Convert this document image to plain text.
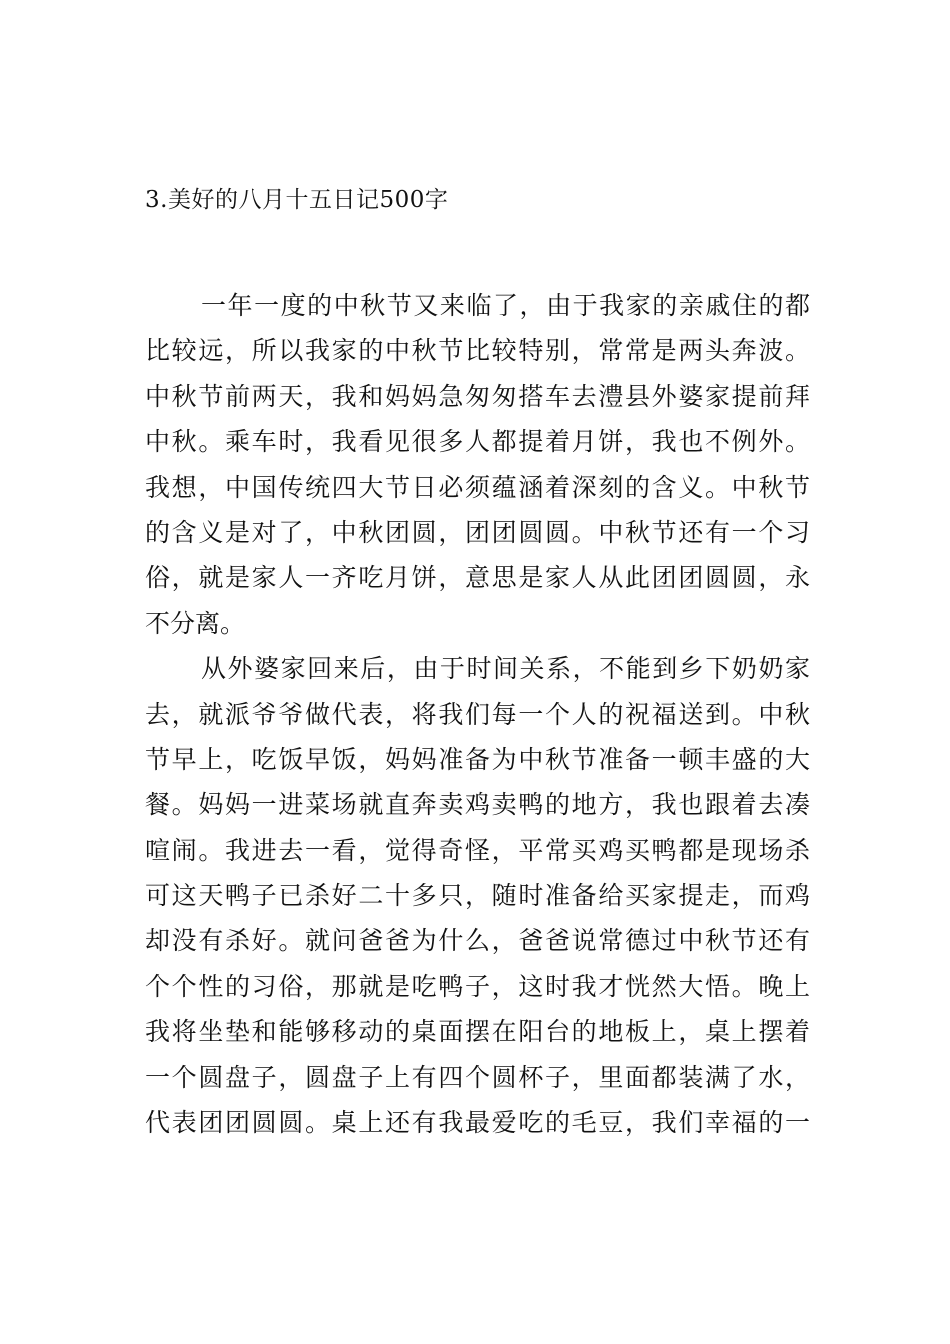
3.美好的八月十五日记500字
一年一度的中秋节又来临了，由于我家的亲戚住的都
比较远，所以我家的中秋节比较特别，常常是两头奔波。
中秋节前两天，我和妈妈急匆匆搭车去澧县外婆家提前拜
中秋。乘车时，我看见很多人都提着月饼，我也不例外。
我想，中国传统四大节日必须蕴涵着深刻的含义。中秋节
的含义是对了，中秋团圆，团团圆圆。中秋节还有一个习
俗，就是家人一齐吃月饼，意思是家人从此团团圆圆，永
不分离。
从外婆家回来后，由于时间关系，不能到乡下奶奶家
去，就派爷爷做代表，将我们每一个人的祝福送到。中秋
节早上，吃饭早饭，妈妈准备为中秋节准备一顿丰盛的大
餐。妈妈一进菜场就直奔卖鸡卖鸭的地方，我也跟着去凑
喧闹。我进去一看，觉得奇怪，平常买鸡买鸭都是现场杀
可这天鸭子已杀好二十多只，随时准备给买家提走，而鸡
却没有杀好。就问爸爸为什么，爸爸说常德过中秋节还有
个个性的习俗，那就是吃鸭子，这时我才恍然大悟。晚上
我将坐垫和能够移动的桌面摆在阳台的地板上，桌上摆着
一个圆盘子，圆盘子上有四个圆杯子，里面都装满了水，
代表团团圆圆。桌上还有我最爱吃的毛豆，我们幸福的一
